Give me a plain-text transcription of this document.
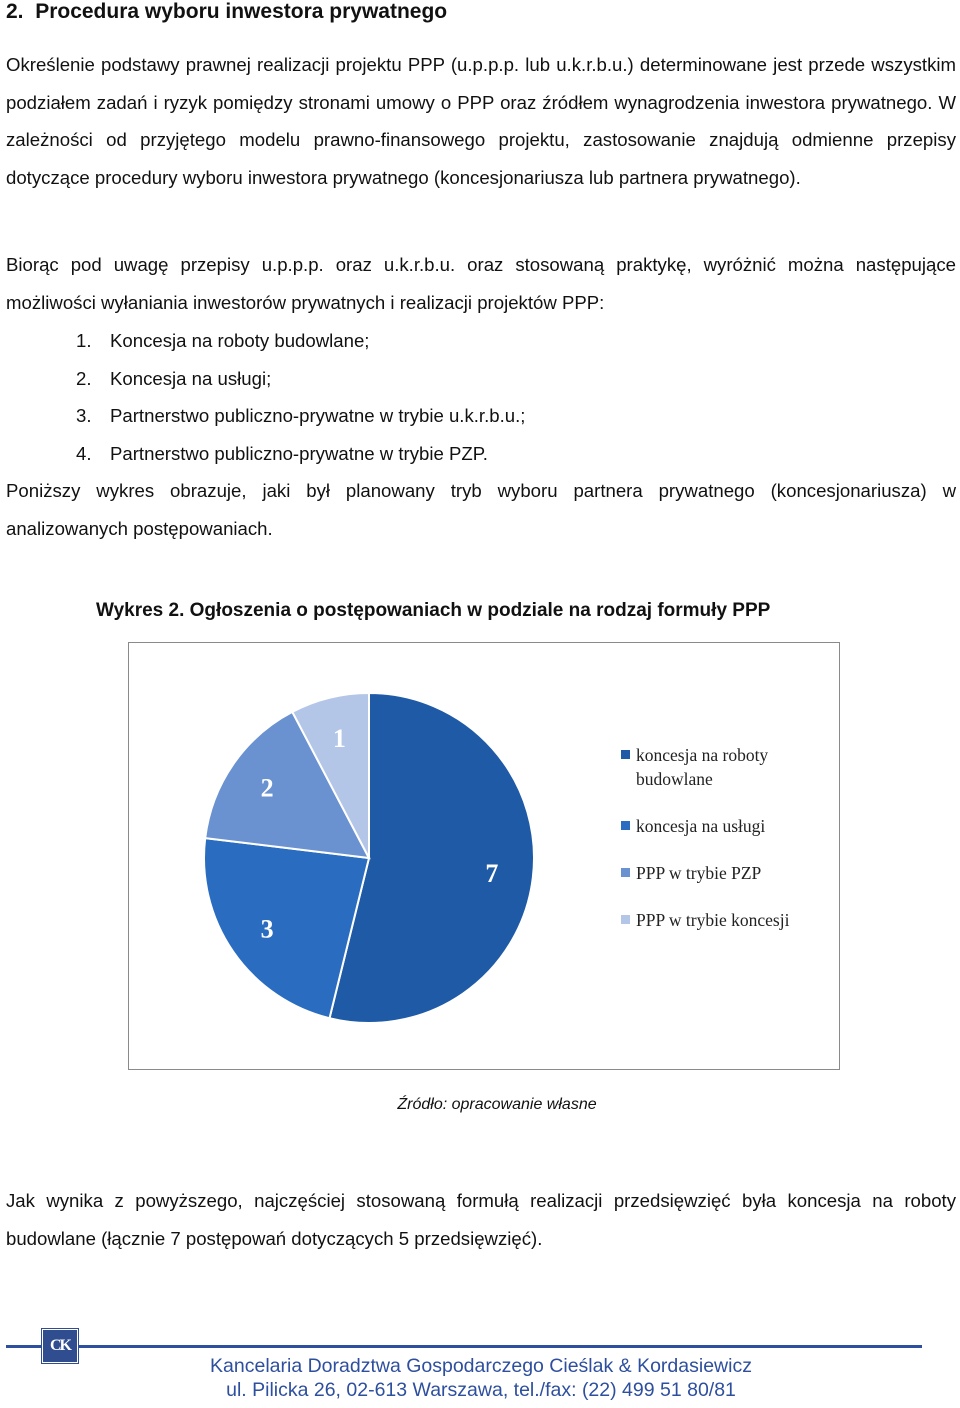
2. Procedura wyboru inwestora prywatnego

Określenie podstawy prawnej realizacji projektu PPP (u.p.p.p. lub u.k.r.b.u.) determinowane jest przede wszystkim podziałem zadań i ryzyk pomiędzy stronami umowy o PPP oraz źródłem wynagrodzenia inwestora prywatnego. W zależności od przyjętego modelu prawno-finansowego projektu, zastosowanie znajdują odmienne przepisy dotyczące procedury wyboru inwestora prywatnego (koncesjonariusza lub partnera prywatnego).

Biorąc pod uwagę przepisy u.p.p.p. oraz u.k.r.b.u. oraz stosowaną praktykę, wyróżnić można następujące możliwości wyłaniania inwestorów prywatnych i realizacji projektów PPP:

1. Koncesja na roboty budowlane;
2. Koncesja na usługi;
3. Partnerstwo publiczno-prywatne w trybie u.k.r.b.u.;
4. Partnerstwo publiczno-prywatne w trybie PZP.

Poniższy wykres obrazuje, jaki był planowany tryb wyboru partnera prywatnego (koncesjonariusza) w analizowanych postępowaniach.

Wykres 2. Ogłoszenia o postępowaniach w podziale na rodzaj formuły PPP
7
3
2
1
koncesja na roboty
budowlane
koncesja na usługi
PPP w trybie PZP
PPP w trybie koncesji
Źródło: opracowanie własne

Jak wynika z powyższego, najczęściej stosowaną formułą realizacji przedsięwzięć była koncesja na roboty budowlane (łącznie 7 postępowań dotyczących 5 przedsięwzięć).

CK
Kancelaria Doradztwa Gospodarczego Cieślak & Kordasiewicz
ul. Pilicka 26, 02-613 Warszawa, tel./fax: (22) 499 51 80/81
